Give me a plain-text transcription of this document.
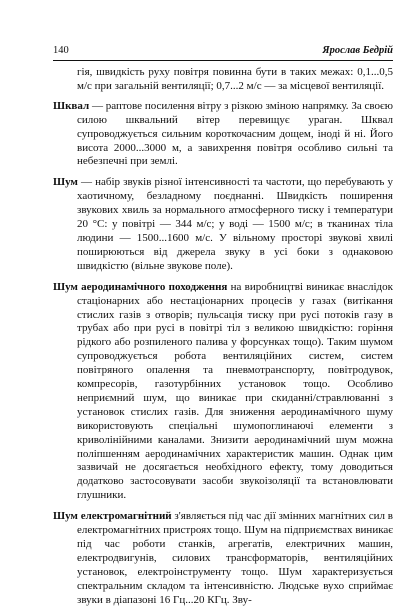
140	Ярослав Бедрій

гія, швидкість руху повітря повинна бути в таких межах: 0,1...0,5 м/с при загальній вентиляції; 0,7...2 м/с — за місцевої вентиляції.

Шквал — раптове посилення вітру з різкою зміною напрямку. За своєю силою шквальний вітер перевищує ураган. Шквал супроводжується сильним короткочасним дощем, іноді й ні. Його висота 2000...3000 м, а завихрення повітря особливо сильні та небезпечні при землі.

Шум — набір звуків різної інтенсивності та частоти, що перебувають у хаотичному, безладному поєднанні. Швидкість поширення звукових хвиль за нормального атмосферного тиску і температури 20 °С: у повітрі — 344 м/с; у воді — 1500 м/с; в тканинах тіла людини — 1500...1600 м/с. У вільному просторі звукові хвилі поширюються від джерела звуку в усі боки з однаковою швидкістю (вільне звукове поле).

Шум аеродинамічного походження на виробництві виникає внаслідок стаціонарних або нестаціонарних процесів у газах (витікання стислих газів з отворів; пульсація тиску при русі потоків газу в трубах або при русі в повітрі тіл з великою швидкістю: горіння рідкого або розпиленого палива у форсунках тощо). Таким шумом супроводжується робота вентиляційних систем, систем повітряного опалення та пневмотранспорту, повітродувок, компресорів, газотурбінних установок тощо. Особливо неприємний шум, що виникає при скиданні/стравлюванні з установок стислих газів. Для зниження аеродинамічного шуму використовують спеціальні шумопоглинаючі елементи з криволінійними каналами. Знизити аеродинамічний шум можна поліпшенням аеродинамічних характеристик машин. Однак цим зазвичай не досягається необхідного ефекту, тому доводиться додатково застосовувати засоби звукоізоляції та встановлювати глушники.

Шум електромагнітний з'являється під час дії змінних магнітних сил в електромагнітних пристроях тощо. Шум на підприємствах виникає під час роботи станків, агрегатів, електричних машин, електродвигунів, силових трансформаторів, вентиляційних установок, електроінструменту тощо. Шум характеризується спектральним складом та інтенсивністю. Людське вухо сприймає звуки в діапазоні 16 Гц...20 КГц. Зву-
